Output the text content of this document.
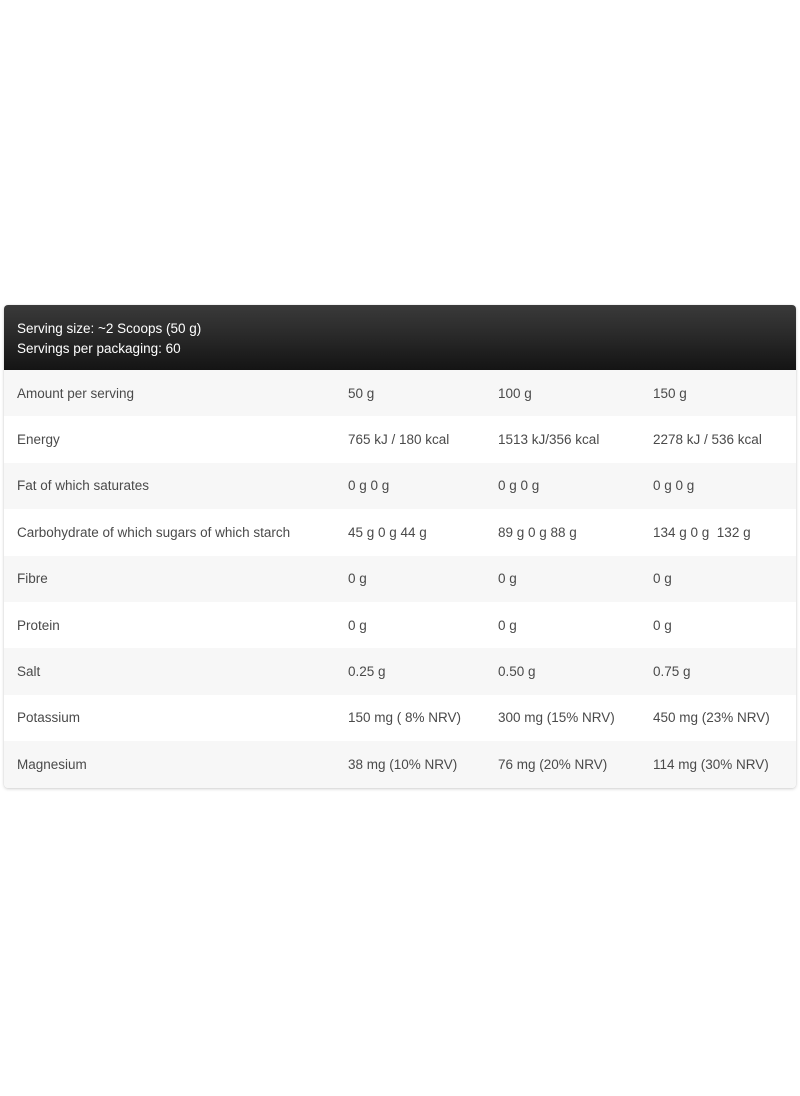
Serving size: ~2 Scoops (50 g)
Servings per packaging: 60
Amount per serving	50 g	100 g	150 g
Energy	765 kJ / 180 kcal	1513 kJ/356 kcal	2278 kJ / 536 kcal
Fat of which saturates	0 g 0 g	0 g 0 g	0 g 0 g
Carbohydrate of which sugars of which starch	45 g 0 g 44 g	89 g 0 g 88 g	134 g 0 g  132 g
Fibre	0 g	0 g	0 g
Protein	0 g	0 g	0 g
Salt	0.25 g	0.50 g	0.75 g
Potassium	150 mg ( 8% NRV)	300 mg (15% NRV)	450 mg (23% NRV)
Magnesium	38 mg (10% NRV)	76 mg (20% NRV)	114 mg (30% NRV)
